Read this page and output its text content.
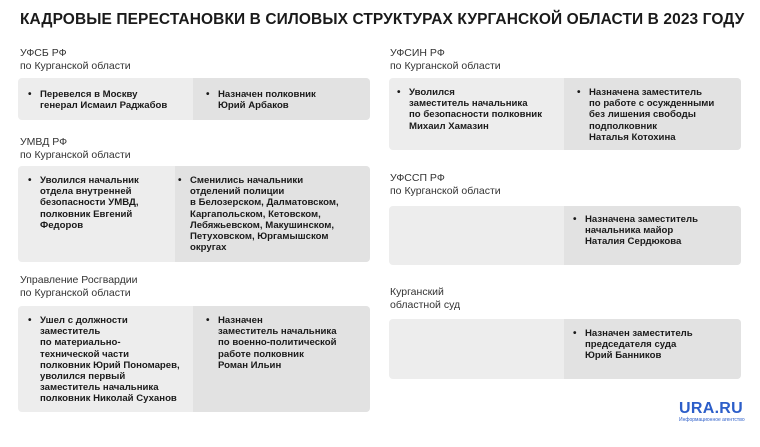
КАДРОВЫЕ ПЕРЕСТАНОВКИ В СИЛОВЫХ СТРУКТУРАХ КУРГАНСКОЙ ОБЛАСТИ В 2023 ГОДУ
УФСБ РФ
по Курганской области
• Перевелся в Москву
генерал Исмаил Раджабов
• Назначен полковник
Юрий Арбаков
УМВД РФ
по Курганской области
• Уволился начальник
отдела внутренней
безопасности УМВД,
полковник Евгений
Федоров
• Сменились начальники
отделений полиции
в Белозерском, Далматовском,
Каргапольском, Кетовском,
Лебяжьевском, Макушинском,
Петуховском, Юргамышском
округах
Управление Росгвардии
по Курганской области
• Ушел с должности
заместитель
по материально-
технической части
полковник Юрий Пономарев,
уволился первый
заместитель начальника
полковник Николай Суханов
• Назначен
заместитель начальника
по военно-политической
работе полковник
Роман Ильин
УФСИН РФ
по Курганской области
• Уволился
заместитель начальника
по безопасности полковник
Михаил Хамазин
• Назначена заместитель
по работе с осужденными
без лишения свободы
подполковник
Наталья Котохина
УФССП РФ
по Курганской области
• Назначена заместитель
начальника майор
Наталия Сердюкова
Курганский
областной суд
• Назначен заместитель
председателя суда
Юрий Банников
URA.RU
Информационное агентство
